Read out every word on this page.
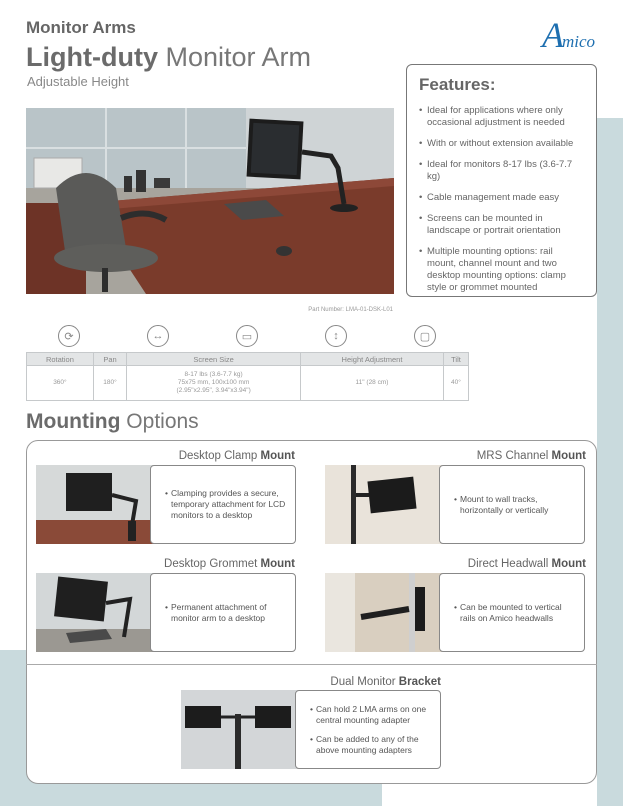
Monitor Arms
Light-duty Monitor Arm
Adjustable Height
A
mico
Part Number: LMA-01-DSK-L01
Features:
• Ideal for applications where only occasional adjustment is needed
• With or without extension available
• Ideal for monitors 8-17 lbs (3.6-7.7 kg)
• Cable management made easy
• Screens can be mounted in landscape or portrait orientation
• Multiple mounting options: rail mount, channel mount and two desktop mounting options: clamp style or grommet mounted
⟳	↔	▭	↕	▢
Rotation	Pan	Screen Size	Height Adjustment	Tilt
360°	180°	8-17 lbs (3.6-7.7 kg)
75x75 mm, 100x100 mm
(2.95"x2.95", 3.94"x3.94")	11" (28 cm)	40°
Mounting Options
Desktop Clamp Mount
• Clamping provides a secure, temporary attachment for LCD monitors to a desktop
MRS Channel Mount
• Mount to wall tracks, horizontally or vertically
Desktop Grommet Mount
• Permanent attachment of monitor arm to a desktop
Direct Headwall Mount
• Can be mounted to vertical rails on Amico headwalls
Dual Monitor Bracket
• Can hold 2 LMA arms on one central mounting adapter
• Can be added to any of the above mounting adapters
